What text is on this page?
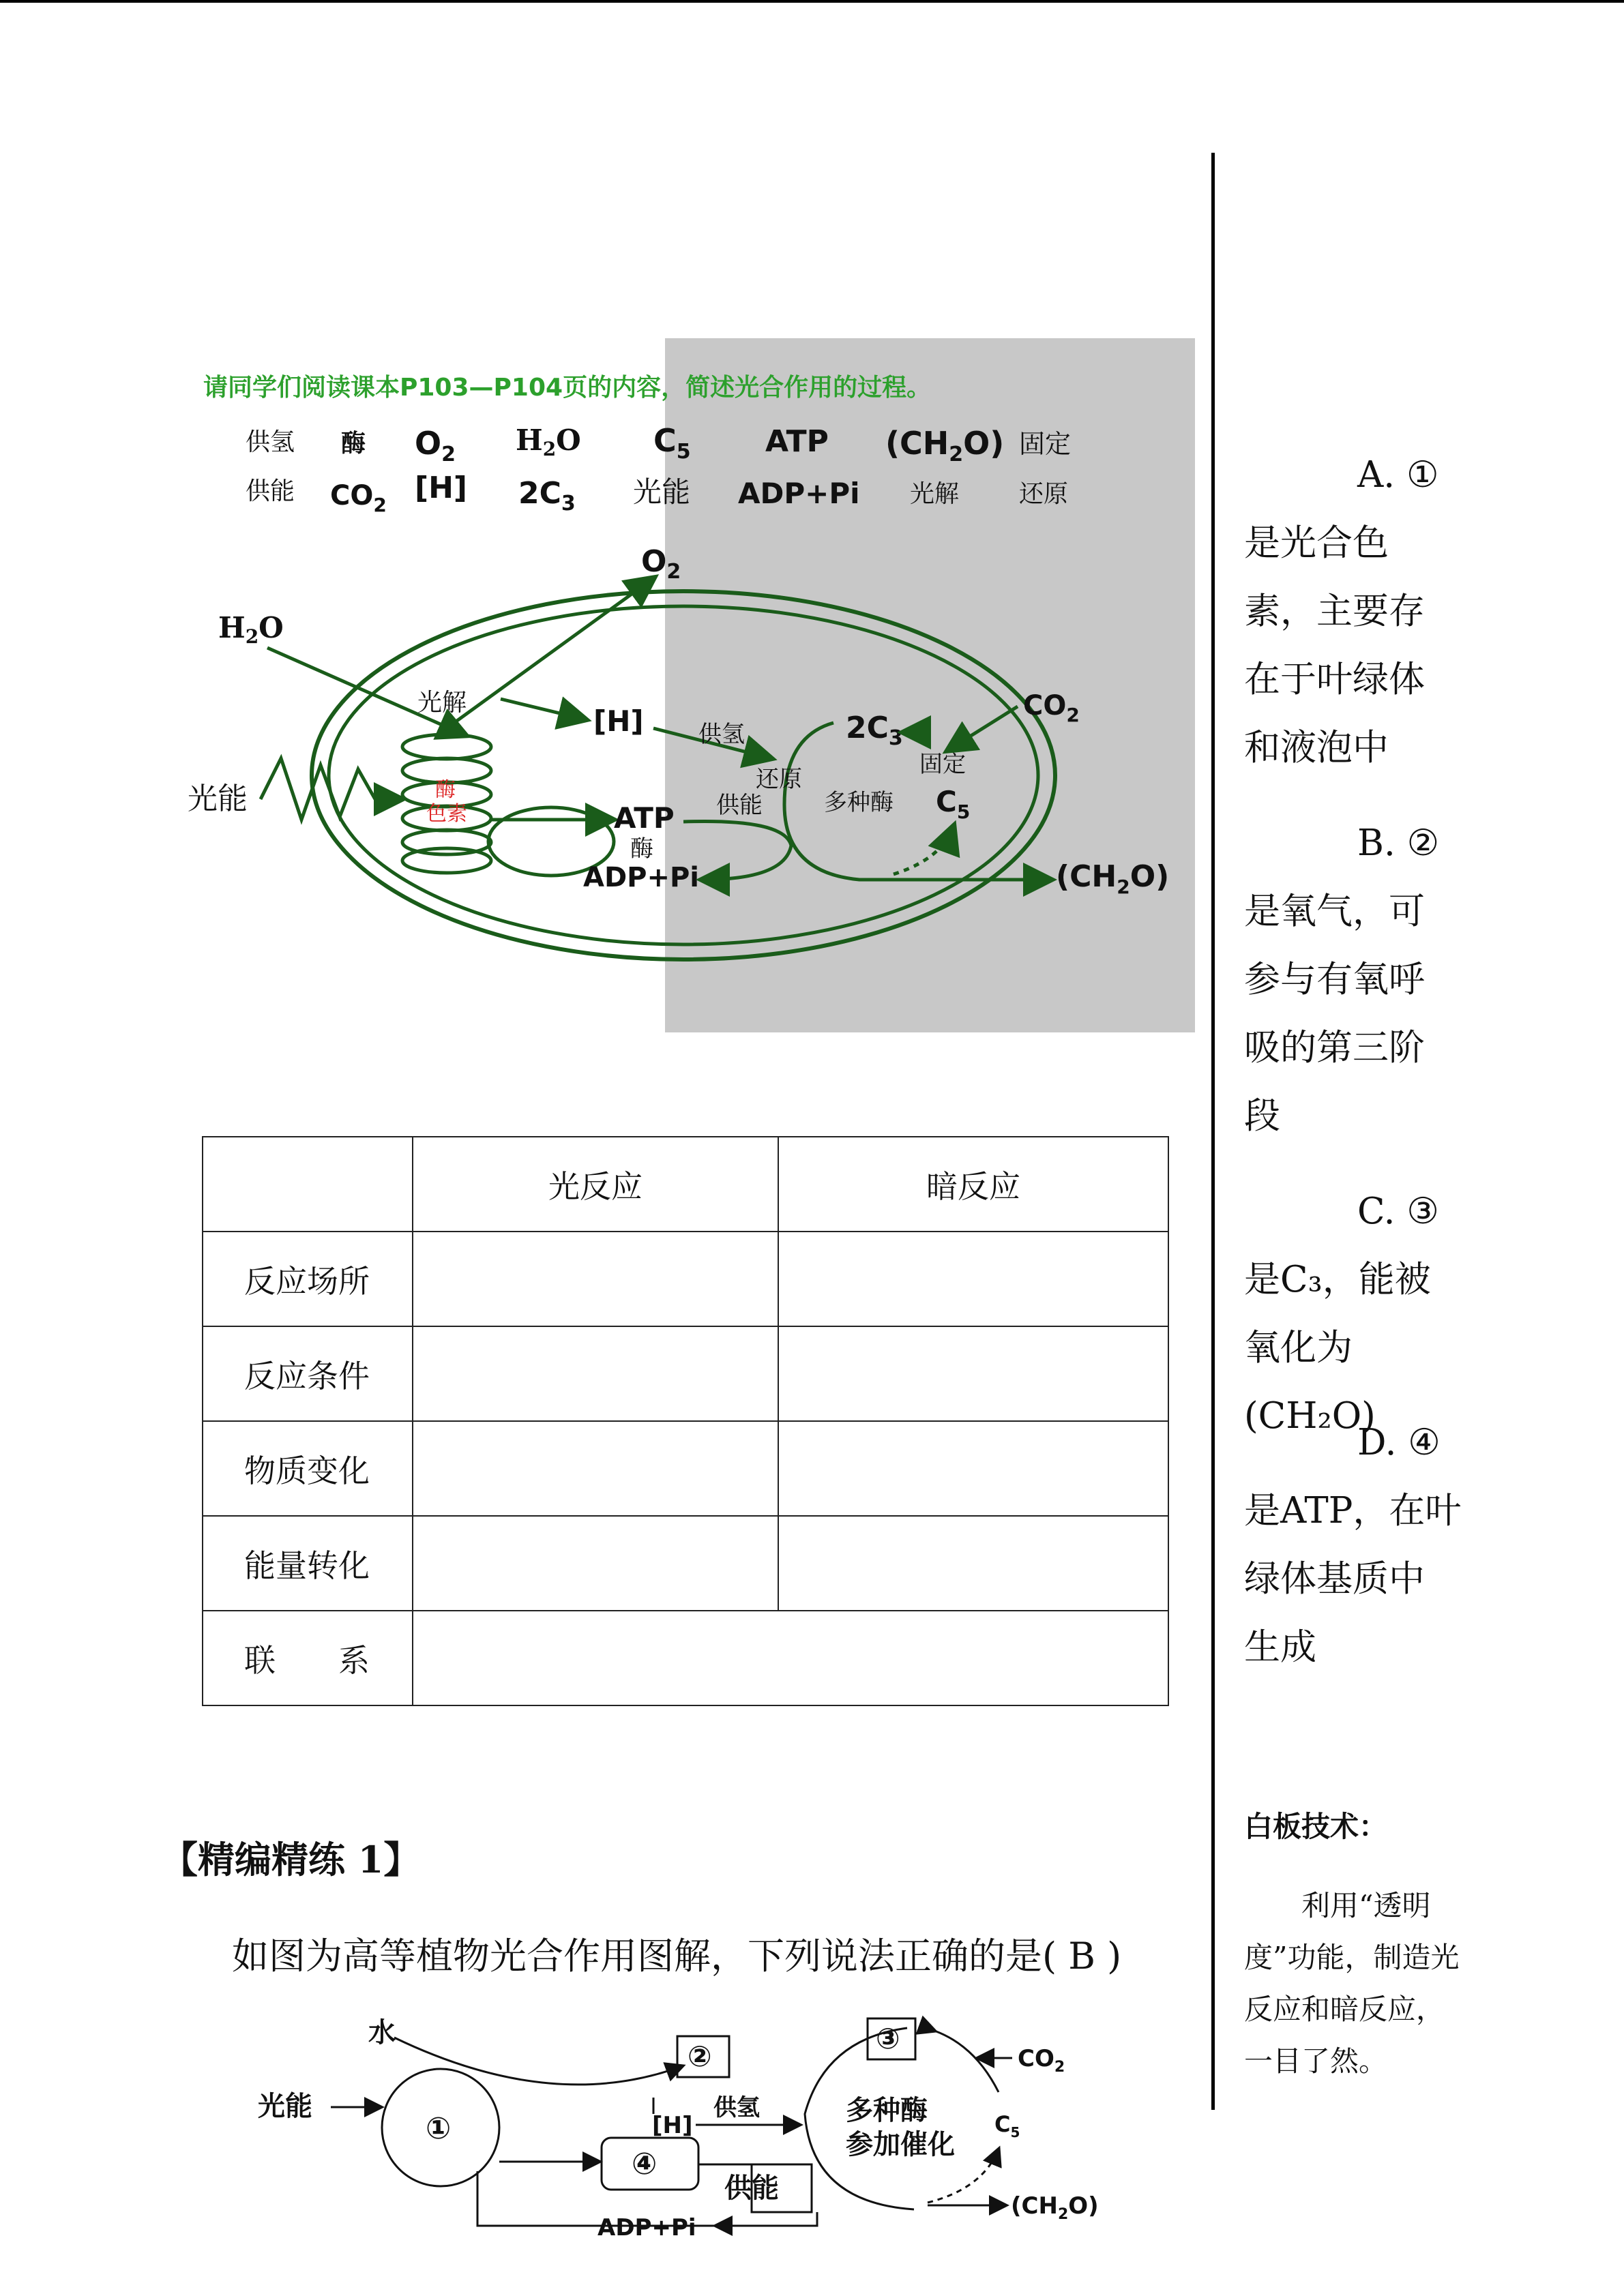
请同学们阅读课本P103—P104页的内容，简述光合作用的过程。
供氢 酶 $O_2$ H2O $C_5$ ATP $(CH_2O)$ 固定
供能 $CO_2$ [H] $2C_3$ 光能 ADP+Pi 光解 还原
酶
色素
光能
H2O
$O_2$
光解
[H] 供氢
ATP
酶
ADP+Pi
$2C_3$
还原
供能	多种酶
固定
$C_5$
$CO_2$
$(CH_2O)$
	光反应	暗反应
反应场所		
反应条件		
物质变化		
能量转化		
联　　系		
【精编精练 1】
如图为高等植物光合作用图解，下列说法正确的是( B )
水
光能
①
②
[H]
供氢
④
供能
ADP+Pi
③
$CO_2$
多种酶
参加催化
$C_5$
$(CH_2O)$
A. ①
是光合色
素，主要存
在于叶绿体
和液泡中
B. ②
是氧气，可
参与有氧呼
吸的第三阶
段
C. ③
是C₃，能被
氧化为(CH₂O)
D. ④
是ATP，在叶
绿体基质中
生成
白板技术：
利用“透明度”功能，制造光反应和暗反应，一目了然。
